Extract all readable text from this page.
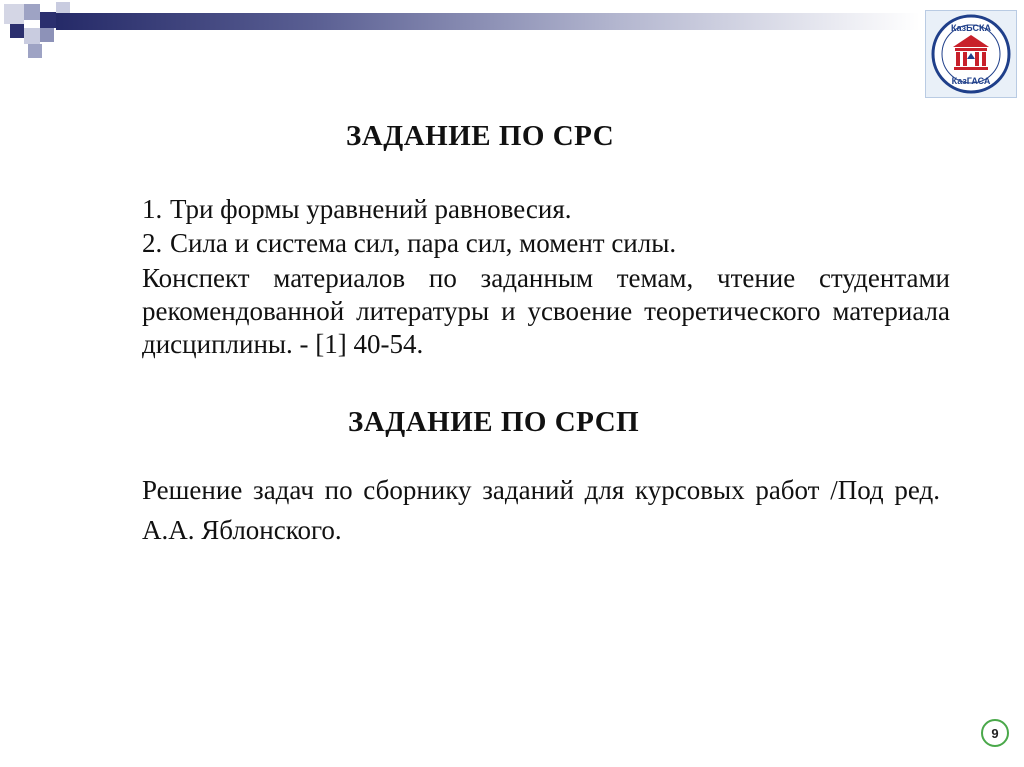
КазБСКА
КазГАСА
ЗАДАНИЕ ПО СРС
1. Три формы уравнений равновесия.
2. Сила и система сил, пара сил, момент силы.
Конспект материалов по заданным темам, чтение студентами рекомендованной литературы и усвоение теоретического материала дисциплины. - [1] 40-54.
ЗАДАНИЕ ПО СРСП
Решение задач по сборнику заданий для курсовых работ /Под ред. А.А. Яблонского.
9
